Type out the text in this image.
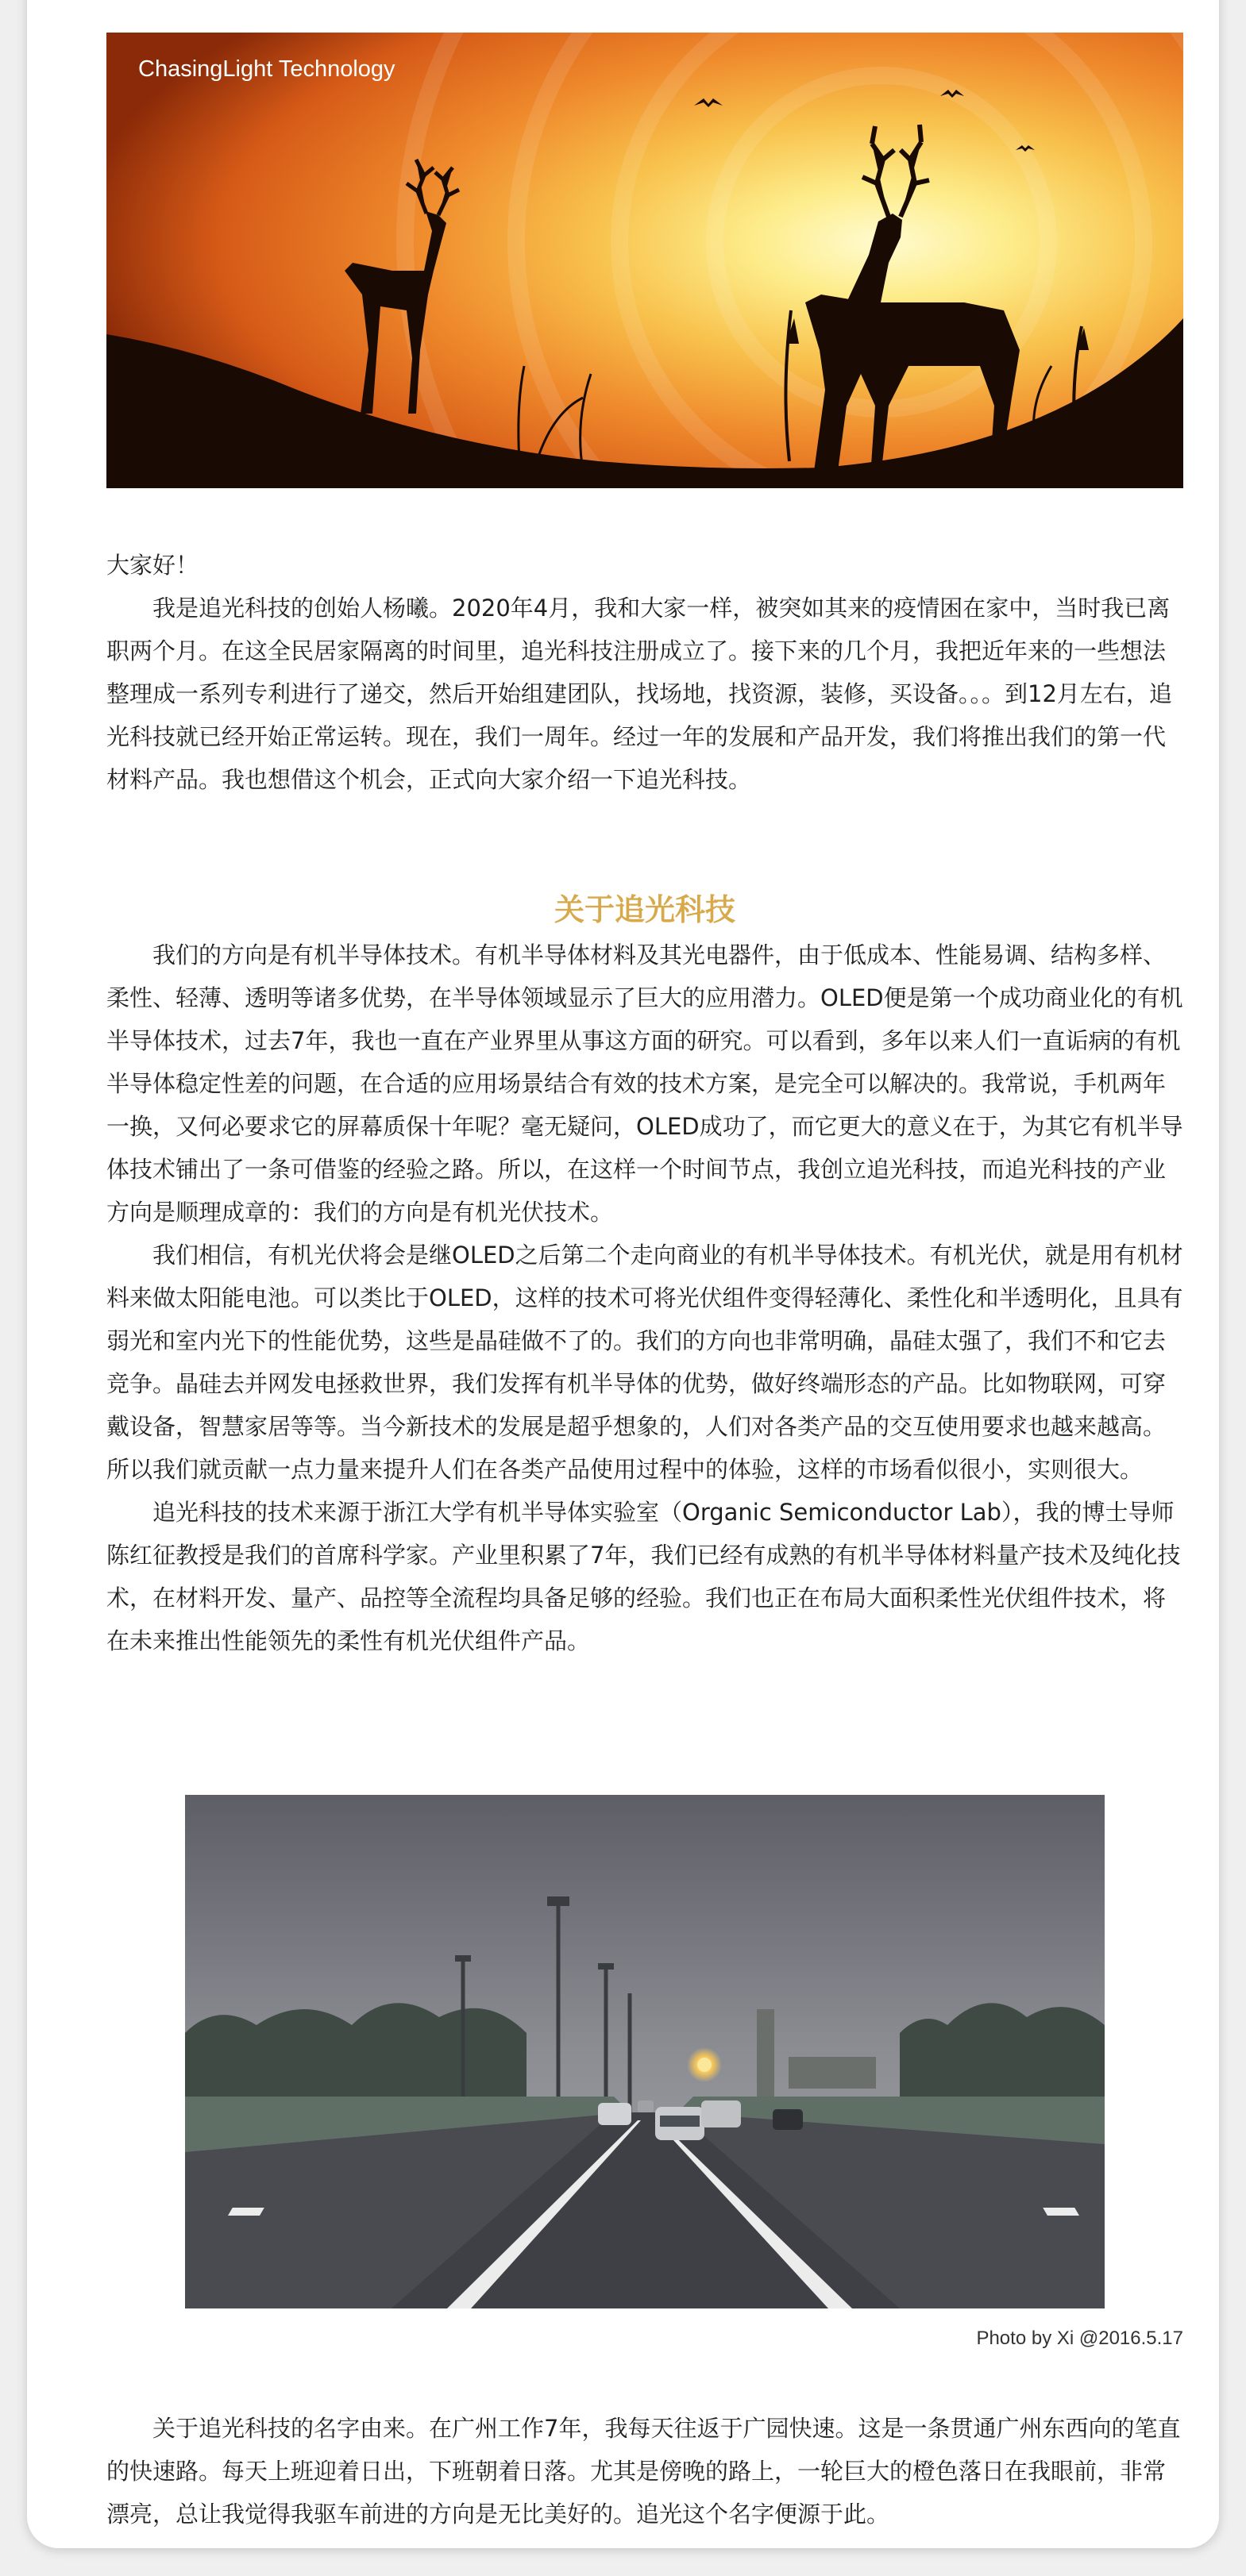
ChasingLight Technology

大家好！

我是追光科技的创始人杨曦。2020年4月，我和大家一样，被突如其来的疫情困在家中，当时我已离职两个月。在这全民居家隔离的时间里，追光科技注册成立了。接下来的几个月，我把近年来的一些想法整理成一系列专利进行了递交，然后开始组建团队，找场地，找资源，装修，买设备。。。到12月左右，追光科技就已经开始正常运转。现在，我们一周年。经过一年的发展和产品开发，我们将推出我们的第一代材料产品。我也想借这个机会，正式向大家介绍一下追光科技。

关于追光科技

我们的方向是有机半导体技术。有机半导体材料及其光电器件，由于低成本、性能易调、结构多样、柔性、轻薄、透明等诸多优势，在半导体领域显示了巨大的应用潜力。OLED便是第一个成功商业化的有机半导体技术，过去7年，我也一直在产业界里从事这方面的研究。可以看到，多年以来人们一直诟病的有机半导体稳定性差的问题，在合适的应用场景结合有效的技术方案，是完全可以解决的。我常说，手机两年一换，又何必要求它的屏幕质保十年呢？毫无疑问，OLED成功了，而它更大的意义在于，为其它有机半导体技术铺出了一条可借鉴的经验之路。所以，在这样一个时间节点，我创立追光科技，而追光科技的产业方向是顺理成章的：我们的方向是有机光伏技术。

我们相信，有机光伏将会是继OLED之后第二个走向商业的有机半导体技术。有机光伏，就是用有机材料来做太阳能电池。可以类比于OLED，这样的技术可将光伏组件变得轻薄化、柔性化和半透明化，且具有弱光和室内光下的性能优势，这些是晶硅做不了的。我们的方向也非常明确，晶硅太强了，我们不和它去竞争。晶硅去并网发电拯救世界，我们发挥有机半导体的优势，做好终端形态的产品。比如物联网，可穿戴设备，智慧家居等等。当今新技术的发展是超乎想象的，人们对各类产品的交互使用要求也越来越高。所以我们就贡献一点力量来提升人们在各类产品使用过程中的体验，这样的市场看似很小，实则很大。

追光科技的技术来源于浙江大学有机半导体实验室（Organic Semiconductor Lab），我的博士导师陈红征教授是我们的首席科学家。产业里积累了7年，我们已经有成熟的有机半导体材料量产技术及纯化技术，在材料开发、量产、品控等全流程均具备足够的经验。我们也正在布局大面积柔性光伏组件技术，将在未来推出性能领先的柔性有机光伏组件产品。

Photo by Xi @2016.5.17

关于追光科技的名字由来。在广州工作7年，我每天往返于广园快速。这是一条贯通广州东西向的笔直的快速路。每天上班迎着日出，下班朝着日落。尤其是傍晚的路上，一轮巨大的橙色落日在我眼前，非常漂亮，总让我觉得我驱车前进的方向是无比美好的。追光这个名字便源于此。
